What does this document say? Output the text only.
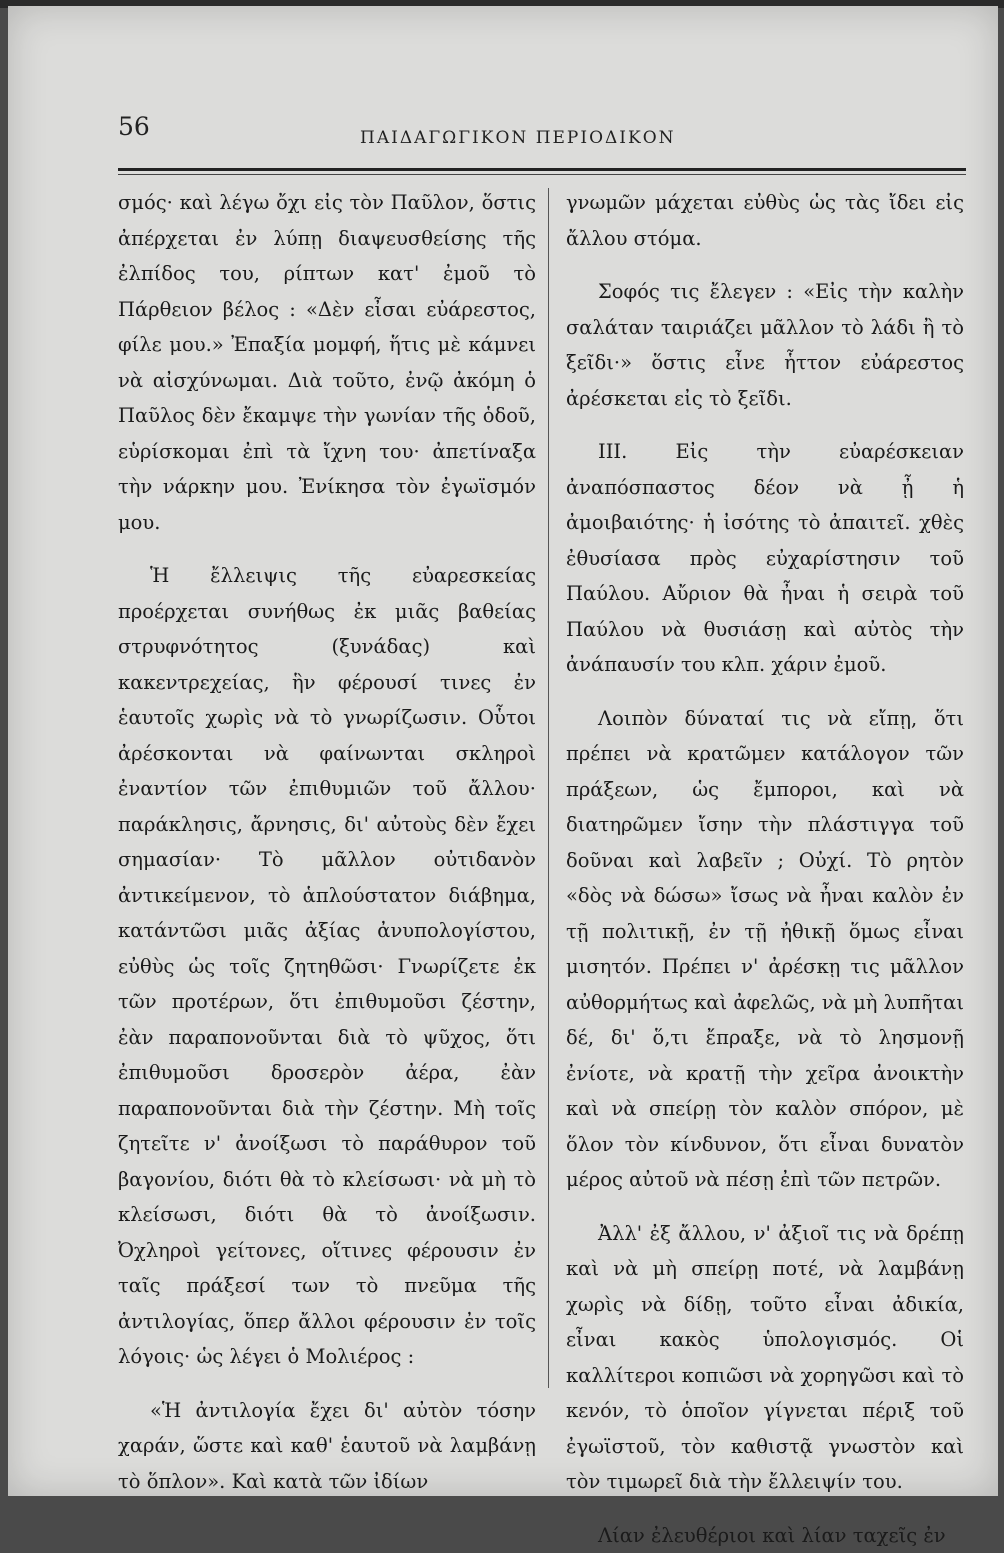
56	ΠΑΙΔΑΓΩΓΙΚΟΝ ΠΕΡΙΟΔΙΚΟΝ

σμός· καὶ λέγω ὄχι εἰς τὸν Παῦλον, ὅστις ἀπέρχεται ἐν λύπῃ διαψευσθείσης τῆς ἐλπίδος του, ρίπτων κατ' ἐμοῦ τὸ Πάρθειον βέλος : «Δὲν εἶσαι εὐάρεστος, φίλε μου.» Ἐπαξία μομφή, ἥτις μὲ κάμνει νὰ αἰσχύνωμαι. Διὰ τοῦτο, ἐνῷ ἀκόμη ὁ Παῦλος δὲν ἔκαμψε τὴν γωνίαν τῆς ὁδοῦ, εὑρίσκομαι ἐπὶ τὰ ἴχνη του· ἀπετίναξα τὴν νάρκην μου. Ἐνίκησα τὸν ἐγωϊσμόν μου.

Ἡ ἔλλειψις τῆς εὐαρεσκείας προέρχεται συνήθως ἐκ μιᾶς βαθείας στρυφνότητος (ξυνάδας) καὶ κακεντρεχείας, ἣν φέρουσί τινες ἐν ἑαυτοῖς χωρὶς νὰ τὸ γνωρίζωσιν. Οὗτοι ἀρέσκονται νὰ φαίνωνται σκληροὶ ἐναντίον τῶν ἐπιθυμιῶν τοῦ ἄλλου· παράκλησις, ἄρνησις, δι' αὐτοὺς δὲν ἔχει σημασίαν· Τὸ μᾶλλον οὐτιδανὸν ἀντικείμενον, τὸ ἁπλούστατον διάβημα, κατάντῶσι μιᾶς ἀξίας ἀνυπολογίστου, εὐθὺς ὡς τοῖς ζητηθῶσι· Γνωρίζετε ἐκ τῶν προτέρων, ὅτι ἐπιθυμοῦσι ζέστην, ἐὰν παραπονοῦνται διὰ τὸ ψῦχος, ὅτι ἐπιθυμοῦσι δροσερὸν ἀέρα, ἐὰν παραπονοῦνται διὰ τὴν ζέστην. Μὴ τοῖς ζητεῖτε ν' ἀνοίξωσι τὸ παράθυρον τοῦ βαγονίου, διότι θὰ τὸ κλείσωσι· νὰ μὴ τὸ κλείσωσι, διότι θὰ τὸ ἀνοίξωσιν. Ὀχληροὶ γείτονες, οἵτινες φέρουσιν ἐν ταῖς πράξεσί των τὸ πνεῦμα τῆς ἀντιλογίας, ὅπερ ἄλλοι φέρουσιν ἐν τοῖς λόγοις· ὡς λέγει ὁ Μολιέρος :

«Ἡ ἀντιλογία ἔχει δι' αὐτὸν τόσην χαράν, ὥστε καὶ καθ' ἑαυτοῦ νὰ λαμβάνῃ τὸ ὅπλον». Καὶ κατὰ τῶν ἰδίων

γνωμῶν μάχεται εὐθὺς ὡς τὰς ἴδει εἰς ἄλλου στόμα.

Σοφός τις ἔλεγεν : «Εἰς τὴν καλὴν σαλάταν ταιριάζει μᾶλλον τὸ λάδι ἢ τὸ ξεῖδι·» ὅστις εἶνε ἧττον εὐάρεστος ἀρέσκεται εἰς τὸ ξεῖδι.

ΙΙΙ. Εἰς τὴν εὐαρέσκειαν ἀναπόσπαστος δέον νὰ ᾖ ἡ ἀμοιβαιότης· ἡ ἰσότης τὸ ἀπαιτεῖ. χθὲς ἐθυσίασα πρὸς εὐχαρίστησιν τοῦ Παύλου. Αὔριον θὰ ἦναι ἡ σειρὰ τοῦ Παύλου νὰ θυσιάσῃ καὶ αὐτὸς τὴν ἀνάπαυσίν του κλπ. χάριν ἐμοῦ.

Λοιπὸν δύναταί τις νὰ εἴπῃ, ὅτι πρέπει νὰ κρατῶμεν κατάλογον τῶν πράξεων, ὡς ἔμποροι, καὶ νὰ διατηρῶμεν ἴσην τὴν πλάστιγγα τοῦ δοῦναι καὶ λαβεῖν ; Οὐχί. Τὸ ρητὸν «δὸς νὰ δώσω» ἴσως νὰ ἦναι καλὸν ἐν τῇ πολιτικῇ, ἐν τῇ ἠθικῇ ὅμως εἶναι μισητόν. Πρέπει ν' ἀρέσκῃ τις μᾶλλον αὐθορμήτως καὶ ἀφελῶς, νὰ μὴ λυπῆται δέ, δι' ὅ,τι ἔπραξε, νὰ τὸ λησμονῇ ἐνίοτε, νὰ κρατῇ τὴν χεῖρα ἀνοικτὴν καὶ νὰ σπείρῃ τὸν καλὸν σπόρον, μὲ ὅλον τὸν κίνδυνον, ὅτι εἶναι δυνατὸν μέρος αὐτοῦ νὰ πέσῃ ἐπὶ τῶν πετρῶν.

Ἀλλ' ἐξ ἄλλου, ν' ἀξιοῖ τις νὰ δρέπῃ καὶ νὰ μὴ σπείρῃ ποτέ, νὰ λαμβάνῃ χωρὶς νὰ δίδῃ, τοῦτο εἶναι ἀδικία, εἶναι κακὸς ὑπολογισμός. Οἱ καλλίτεροι κοπιῶσι νὰ χορηγῶσι καὶ τὸ κενόν, τὸ ὁποῖον γίγνεται πέριξ τοῦ ἐγωϊστοῦ, τὸν καθιστᾷ γνωστὸν καὶ τὸν τιμωρεῖ διὰ τὴν ἔλλειψίν του.

Λίαν ἐλευθέριοι καὶ λίαν ταχεῖς ἐν
